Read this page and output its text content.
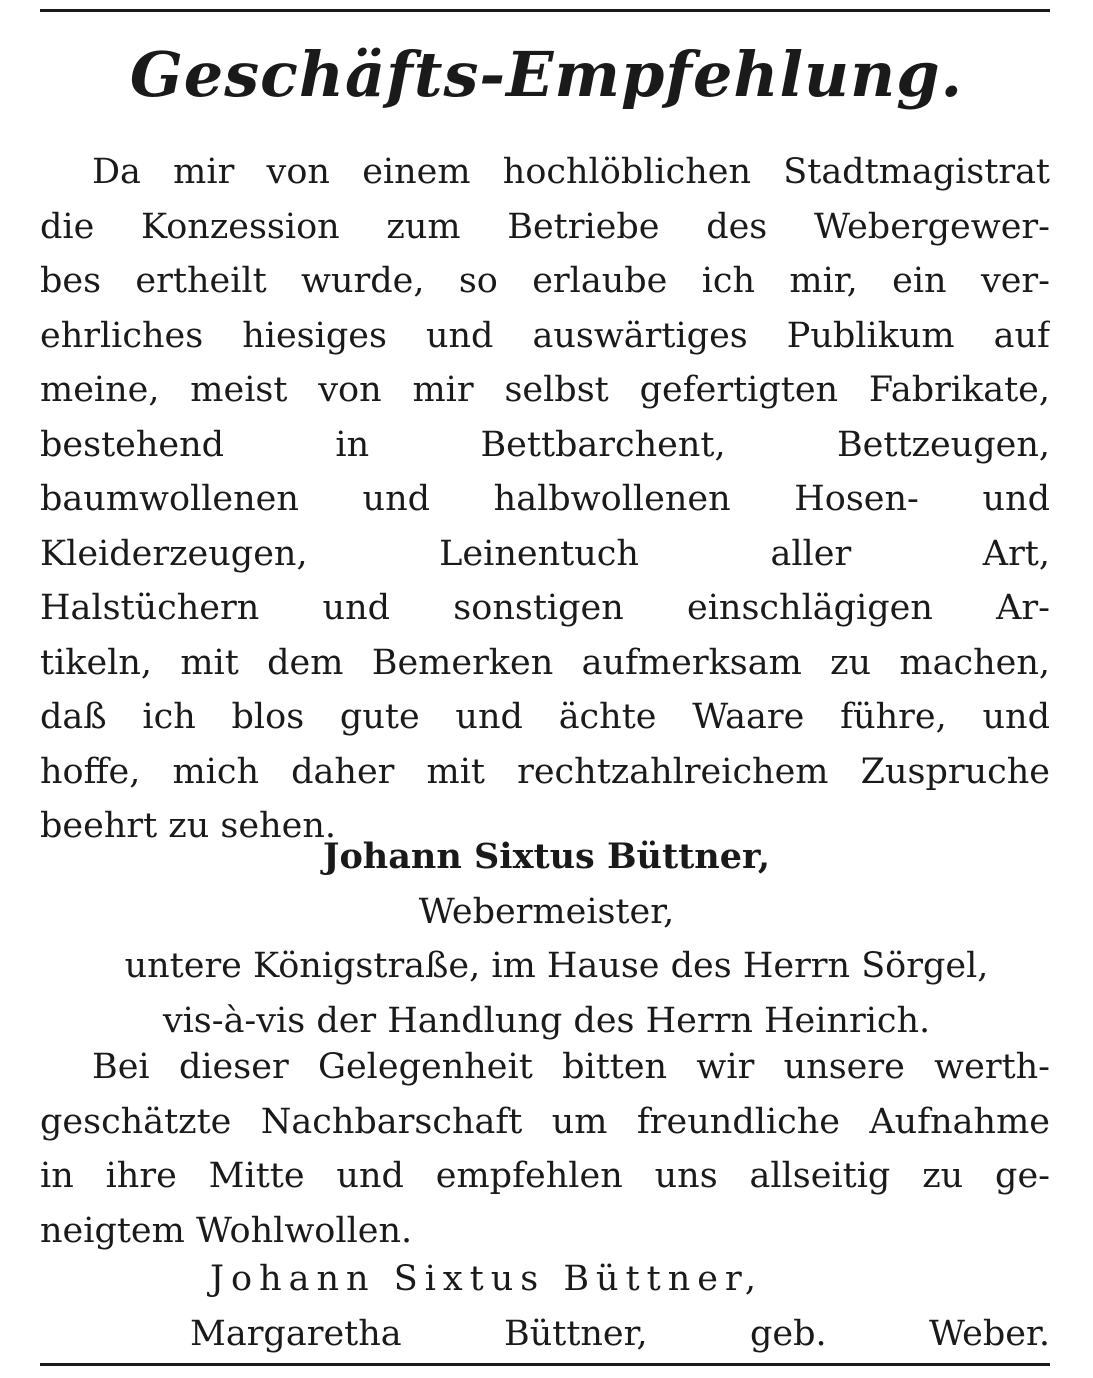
Geschäfts-Empfehlung.
Da mir von einem hochlöblichen Stadtmagistrat
die Konzession zum Betriebe des Webergewer-
bes ertheilt wurde, so erlaube ich mir, ein ver-
ehrliches hiesiges und auswärtiges Publikum auf
meine, meist von mir selbst gefertigten Fabrikate,
bestehend in Bettbarchent, Bettzeugen,
baumwollenen und halbwollenen Hosen- und
Kleiderzeugen, Leinentuch aller Art,
Halstüchern und sonstigen einschlägigen Ar-
tikeln, mit dem Bemerken aufmerksam zu machen,
daß ich blos gute und ächte Waare führe, und
hoffe, mich daher mit rechtzahlreichem Zuspruche
beehrt zu sehen.
Johann Sixtus Büttner,
Webermeister,
untere Königstraße, im Hause des Herrn Sörgel,
vis-à-vis der Handlung des Herrn Heinrich.
Bei dieser Gelegenheit bitten wir unsere werth-
geschätzte Nachbarschaft um freundliche Aufnahme
in ihre Mitte und empfehlen uns allseitig zu ge-
neigtem Wohlwollen.
Johann Sixtus Büttner,
Margaretha Büttner, geb. Weber.
